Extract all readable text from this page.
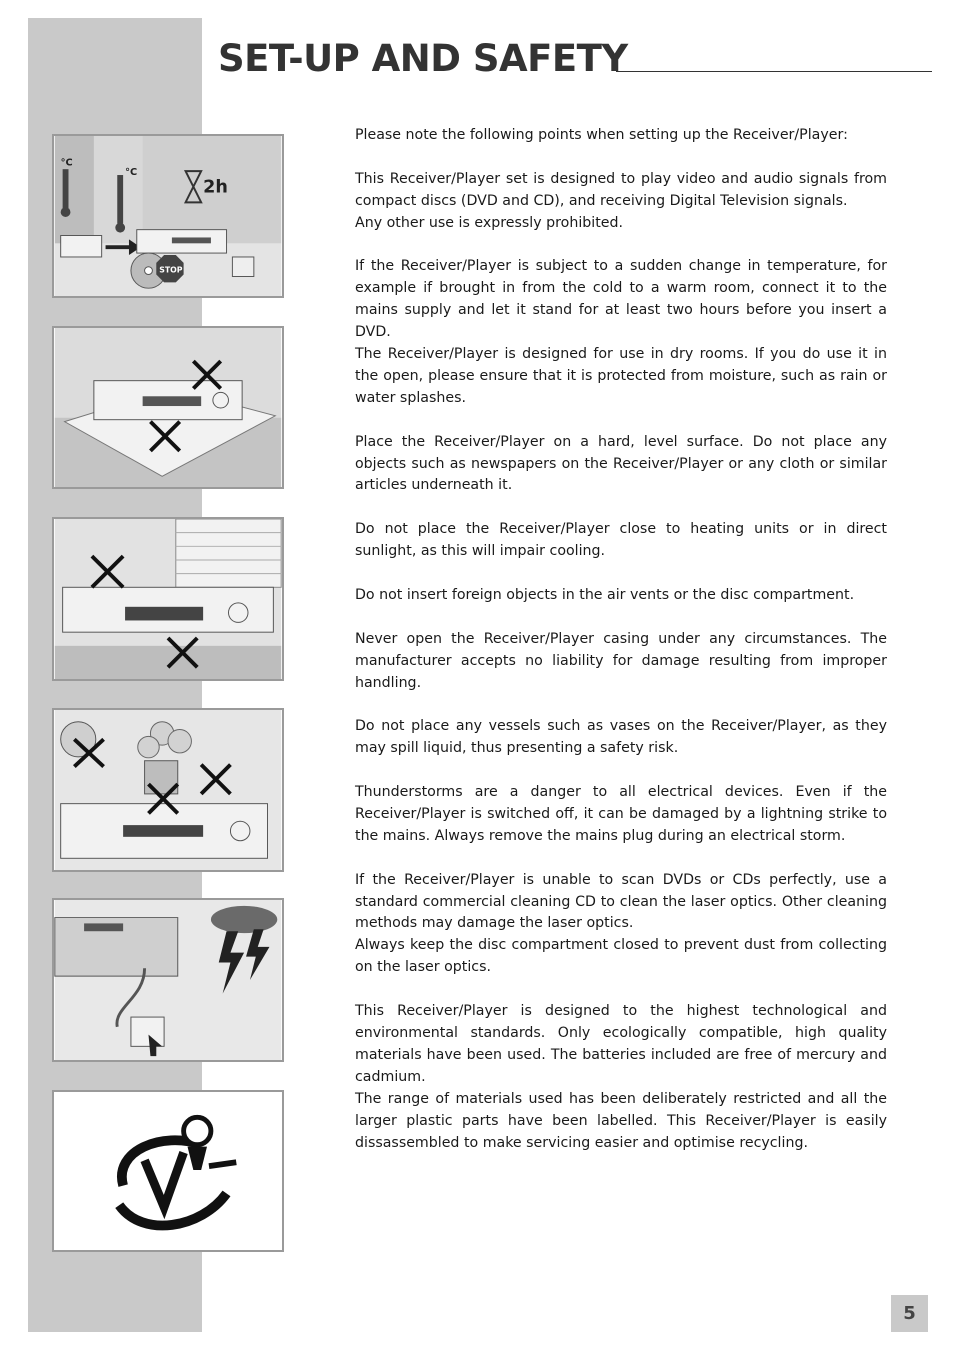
SET-UP AND SAFETY
°C
°C
2h
STOP

Please note the following points when setting up the Receiver/Player:

This Receiver/Player set is designed to play video and audio signals from compact discs (DVD and CD), and receiving Digital Television signals.
Any other use is expressly prohibited.

If the Receiver/Player is subject to a sudden change in temperature, for example if brought in from the cold to a warm room, connect it to the mains supply and let it stand for at least two hours before you insert a DVD.
The Receiver/Player is designed for use in dry rooms. If you do use it in the open, please ensure that it is protected from moisture, such as rain or water splashes.

Place the Receiver/Player on a hard, level surface. Do not place any objects such as newspapers on the Receiver/Player or any cloth or similar articles underneath it.

Do not place the Receiver/Player close to heating units or in direct sunlight, as this will impair cooling.

Do not insert foreign objects in the air vents or the disc compartment.

Never open the Receiver/Player casing under any circumstances. The manufacturer accepts no liability for damage resulting from improper handling.

Do not place any vessels such as vases on the Receiver/Player, as they may spill liquid, thus presenting a safety risk.

Thunderstorms are a danger to all electrical devices. Even if the Receiver/Player is switched off, it can be damaged by a lightning strike to the mains. Always remove the mains plug during an electrical storm.

If the Receiver/Player is unable to scan DVDs or CDs perfectly, use a standard commercial cleaning CD to clean the laser optics. Other cleaning methods may damage the laser optics.
Always keep the disc compartment closed to prevent dust from collecting on the laser optics.

This Receiver/Player is designed to the highest technological and environmental standards. Only ecologically compatible, high quality materials have been used. The batteries included are free of mercury and cadmium.
The range of materials used has been deliberately restricted and all the larger plastic parts have been labelled. This Receiver/Player is easily dissassembled to make servicing easier and optimise recycling.

5
